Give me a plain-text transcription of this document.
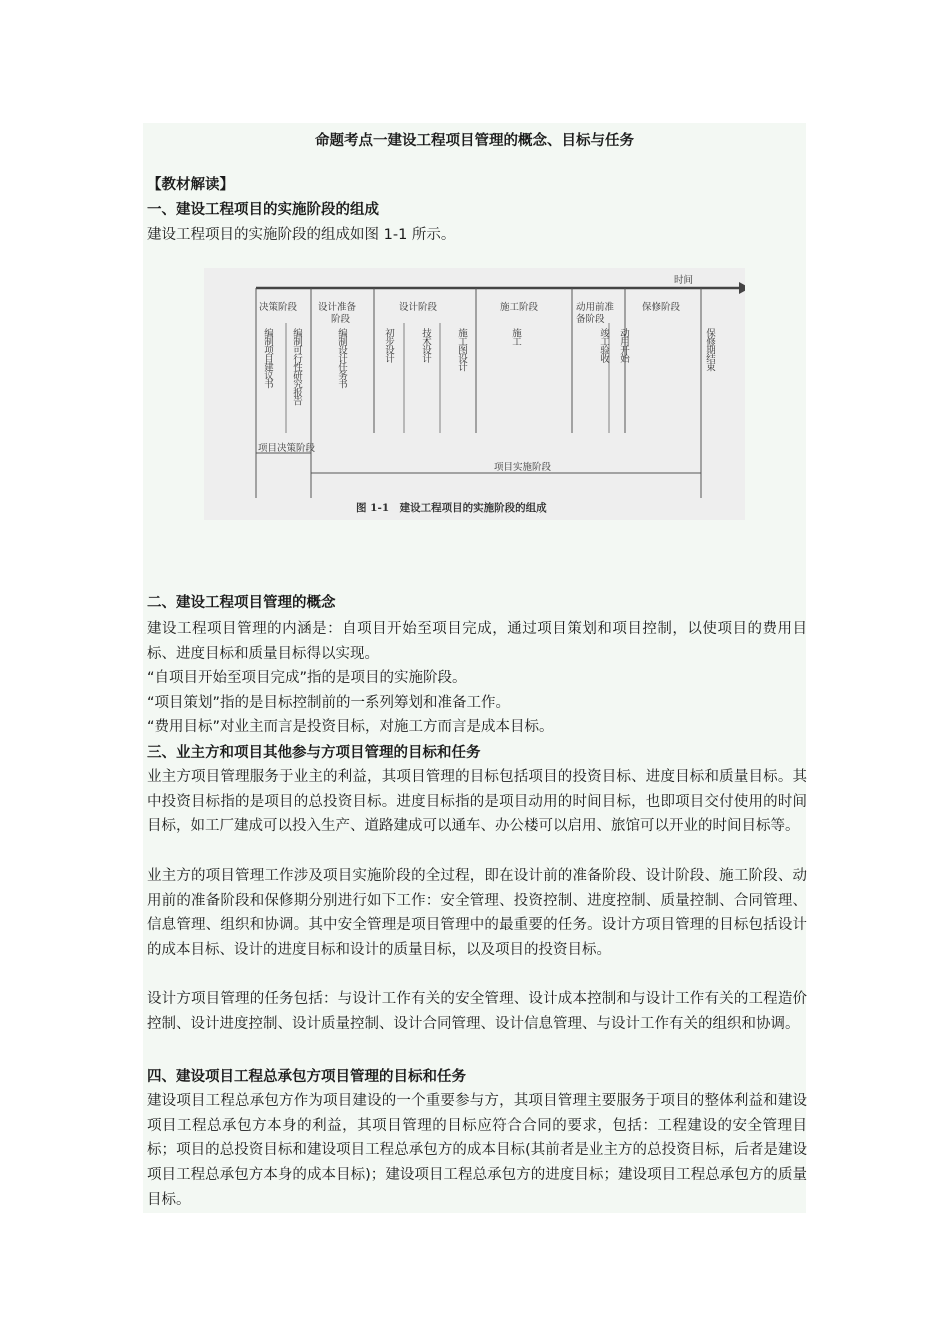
命题考点一建设工程项目管理的概念、目标与任务
【教材解读】
一、建设工程项目的实施阶段的组成
建设工程项目的实施阶段的组成如图 1-1 所示。
时间
决策阶段 设计准备
阶段
设计阶段	施工阶段	动用前准
备阶段
保修阶段
编制项目建议书 编制可行性研究报告	编制设计任务书	初步设计	技术设计	施工图设计	施工	竣工验收 动用开始	保修期结束
项目决策阶段
项目实施阶段
图 1-1　建设工程项目的实施阶段的组成
二、建设工程项目管理的概念
建设工程项目管理的内涵是：自项目开始至项目完成，通过项目策划和项目控制，以使项目的费用目标、进度目标和质量目标得以实现。
“自项目开始至项目完成”指的是项目的实施阶段。
“项目策划”指的是目标控制前的一系列筹划和准备工作。
“费用目标”对业主而言是投资目标，对施工方而言是成本目标。
三、业主方和项目其他参与方项目管理的目标和任务
业主方项目管理服务于业主的利益，其项目管理的目标包括项目的投资目标、进度目标和质量目标。其中投资目标指的是项目的总投资目标。进度目标指的是项目动用的时间目标，也即项目交付使用的时间目标，如工厂建成可以投入生产、道路建成可以通车、办公楼可以启用、旅馆可以开业的时间目标等。
业主方的项目管理工作涉及项目实施阶段的全过程，即在设计前的准备阶段、设计阶段、施工阶段、动用前的准备阶段和保修期分别进行如下工作：安全管理、投资控制、进度控制、质量控制、合同管理、信息管理、组织和协调。其中安全管理是项目管理中的最重要的任务。设计方项目管理的目标包括设计的成本目标、设计的进度目标和设计的质量目标，以及项目的投资目标。
设计方项目管理的任务包括：与设计工作有关的安全管理、设计成本控制和与设计工作有关的工程造价控制、设计进度控制、设计质量控制、设计合同管理、设计信息管理、与设计工作有关的组织和协调。
四、建设项目工程总承包方项目管理的目标和任务
建设项目工程总承包方作为项目建设的一个重要参与方，其项目管理主要服务于项目的整体利益和建设项目工程总承包方本身的利益，其项目管理的目标应符合合同的要求，包括：工程建设的安全管理目标；项目的总投资目标和建设项目工程总承包方的成本目标(其前者是业主方的总投资目标，后者是建设项目工程总承包方本身的成本目标)；建设项目工程总承包方的进度目标；建设项目工程总承包方的质量目标。
